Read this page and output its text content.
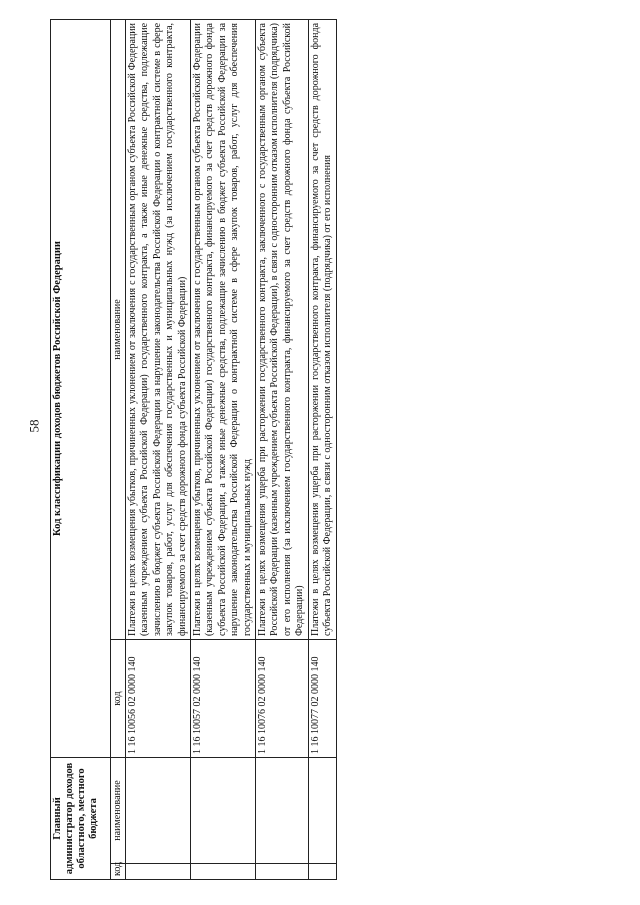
58
Главный администратор доходов областного, местного бюджета		Код классификации доходов бюджетов Российской Федерации	
код	наименование	код	наименование
		1 16 10056 02 0000 140	Платежи в целях возмещения убытков, причиненных уклонением от заключения с государственным органом субъекта Российской Федерации (казенным учреждением субъекта Российской Федерации) государственного контракта, а также иные денежные средства, подлежащие зачислению в бюджет субъекта Российской Федерации за нарушение законодательства Российской Федерации о контрактной системе в сфере закупок товаров, работ, услуг для обеспечения государственных и муниципальных нужд (за исключением государственного контракта, финансируемого за счет средств дорожного фонда субъекта Российской Федерации)
		1 16 10057 02 0000 140	Платежи в целях возмещения убытков, причиненных уклонением от заключения с государственным органом субъекта Российской Федерации (казенным учреждением субъекта Российской Федерации) государственного контракта, финансируемого за счет средств дорожного фонда субъекта Российской Федерации, а также иные денежные средства, подлежащие зачислению в бюджет субъекта Российской Федерации за нарушение законодательства Российской Федерации о контрактной системе в сфере закупок товаров, работ, услуг для обеспечения государственных и муниципальных нужд
		1 16 10076 02 0000 140	Платежи в целях возмещения ущерба при расторжении государственного контракта, заключенного с государственным органом субъекта Российской Федерации (казенным учреждением субъекта Российской Федерации), в связи с односторонним отказом исполнителя (подрядчика) от его исполнения (за исключением государственного контракта, финансируемого за счет средств дорожного фонда субъекта Российской Федерации)
		1 16 10077 02 0000 140	Платежи в целях возмещения ущерба при расторжении государственного контракта, финансируемого за счет средств дорожного фонда субъекта Российской Федерации, в связи с односторонним отказом исполнителя (подрядчика) от его исполнения
